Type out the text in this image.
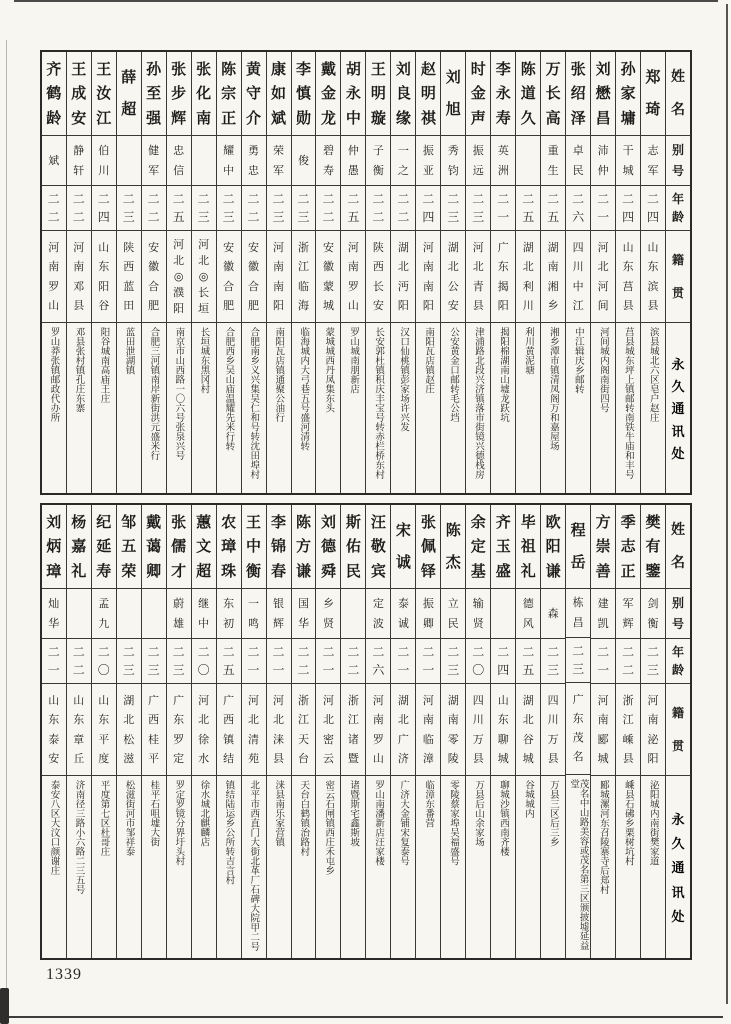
姓
名
别
号
年
龄
籍
贯
永
久
通
讯
处
郑
琦
志
军
二
四
山
东
滨
县
滨县城北六区皂户赵庄
孙
家
墉
干
城
二
四
山
东
莒
县
莒县城东坪上镇邮转南铁牛庙和丰号
刘
懋
昌
沛
仲
二
一
河
北
河
间
河间城内阁南街四号
张
绍
泽
卓
民
二
六
四
川
中
江
中江辑庆乡邮转
万
长
高
重
生
二
五
湖
南
湘
乡
湘乡潭市镇清凤阁万和嘉屋场
陈
道
久
二
五
湖
北
利
川
利川黄泥塘
李
永
寿
英
洲
二
一
广
东
揭
阳
揭阳棉湖南山墟龙跃坑
时
金
声
振
远
二
三
河
北
青
县
津浦路北段兴济镇落市街镜兴德栈房
刘
旭
秀
钧
二
三
湖
北
公
安
公安黄金口邮转毛公垱
赵
明
祺
振
亚
二
四
河
南
南
阳
南阳瓦店镇赵庄
刘
良
缘
一
之
二
二
湖
北
沔
阳
汉口仙桃镇彭家场许兴发
王
明
璇
子
衡
二
二
陕
西
长
安
长安郭杜镇积庆丰宝号转赤栏桥东村
胡
永
中
仲
愚
二
五
河
南
罗
山
罗山城南朋新店
戴
金
龙
碧
寿
二
二
安
徽
蒙
城
蒙城城西丹凤集东头
李
慎
勋
俊
二
三
浙
江
临
海
临海城内大弓巷五号盛河清转
康
如
斌
荣
军
二
三
河
南
南
阳
南阳瓦店镇通聚公油行
黄
守
介
勇
忠
二
二
安
徽
合
肥
合肥南乡义兴集吴仁和号转沈田埠村
陈
宗
正
耀
中
二
三
安
徽
合
肥
合肥西乡吴山庙温耀先米行转
张
化
南
二
三
河
北
◎
长
垣
长垣城东黑冈村
张
步
辉
忠
信
二
五
河
北
◎
濮
阳
南京市山西路一〇六号张泉兴号
孙
至
强
健
军
二
二
安
徽
合
肥
合肥三河镇南岸新街洪元盛米行
薛
超
二
三
陕
西
蓝
田
蓝田泄湖镇
王
汝
江
伯
川
二
四
山
东
阳
谷
阳谷城南高庙王庄
王
成
安
静
轩
二
二
河
南
邓
县
邓县张村镇孔庄东寨
齐
鹤
龄
斌
二
二
河
南
罗
山
罗山莽张镇邮政代办所
姓
名
别
号
年
龄
籍
贯
永
久
通
讯
处
樊
有
鑒
剑
衡
二
三
河
南
泌
阳
泌阳城内南街樊家道
季
志
正
军
辉
二
二
浙
江
嵊
县
嵊县石砩乡栗树坑村
方
崇
善
建
凯
二
一
河
南
郾
城
郾城漯河东召陵寨寺后郑村
程
岳
栋
昌
二
三
广
东
茂
名
茂名中山路美容或茂名第三区颁披墟延益堂
欧
阳
谦
森
二
三
四
川
万
县
万县三区后三乡
毕
祖
礼
德
风
二
五
湖
北
谷
城
谷城城内
齐
玉
盛
二
四
山
东
聊
城
聊城沙镇西南齐楼
余
定
基
输
贤
二
〇
四
川
万
县
万县后山余家场
陈
杰
立
民
二
三
湖
南
零
陵
零陵蔡家埠吴福盛号
张
佩
铎
振
卿
二
一
河
南
临
漳
临漳东番营
宋
诚
泰
诚
二
一
湖
北
广
济
广济大金铺宋复泰号
汪
敬
宾
定
波
二
六
河
南
罗
山
罗山南潘新店汪家楼
斯
佑
民
二
二
浙
江
诸
暨
诸暨斯宅鑫斯坡
刘
德
舜
乡
贤
二
一
河
北
密
云
密云石闸镇西庄禾屯乡
陈
方
谦
国
华
二
二
浙
江
天
台
天台白鹤镇治路村
李
锦
春
银
辉
二
一
河
北
涞
县
涞县南乐家营镇
王
中
衡
一
鸣
二
一
河
北
清
苑
北平市西直门大街北革厂石碑大院甲二号
农
璋
珠
东
初
二
五
广
西
镇
结
镇结陆运乡公所转吉言村
蕙
文
超
继
中
二
〇
河
北
徐
水
徐水城北麒麟店
张
儒
才
蔚
雄
二
三
广
东
罗
定
罗定罗镜分界圩头村
戴
蔼
卿
二
三
广
西
桂
平
桂平石咀墟大街
邹
五
荣
二
三
湖
北
松
滋
松滋街河市邹祥泰
纪
延
寿
孟
九
二
〇
山
东
平
度
平度第七区杜哥庄
杨
嘉
礼
二
二
山
东
章
丘
济南径三路小六路二三五号
刘
炳
璋
灿
华
二
一
山
东
泰
安
泰安八区大汶口颜谢庄
1339
